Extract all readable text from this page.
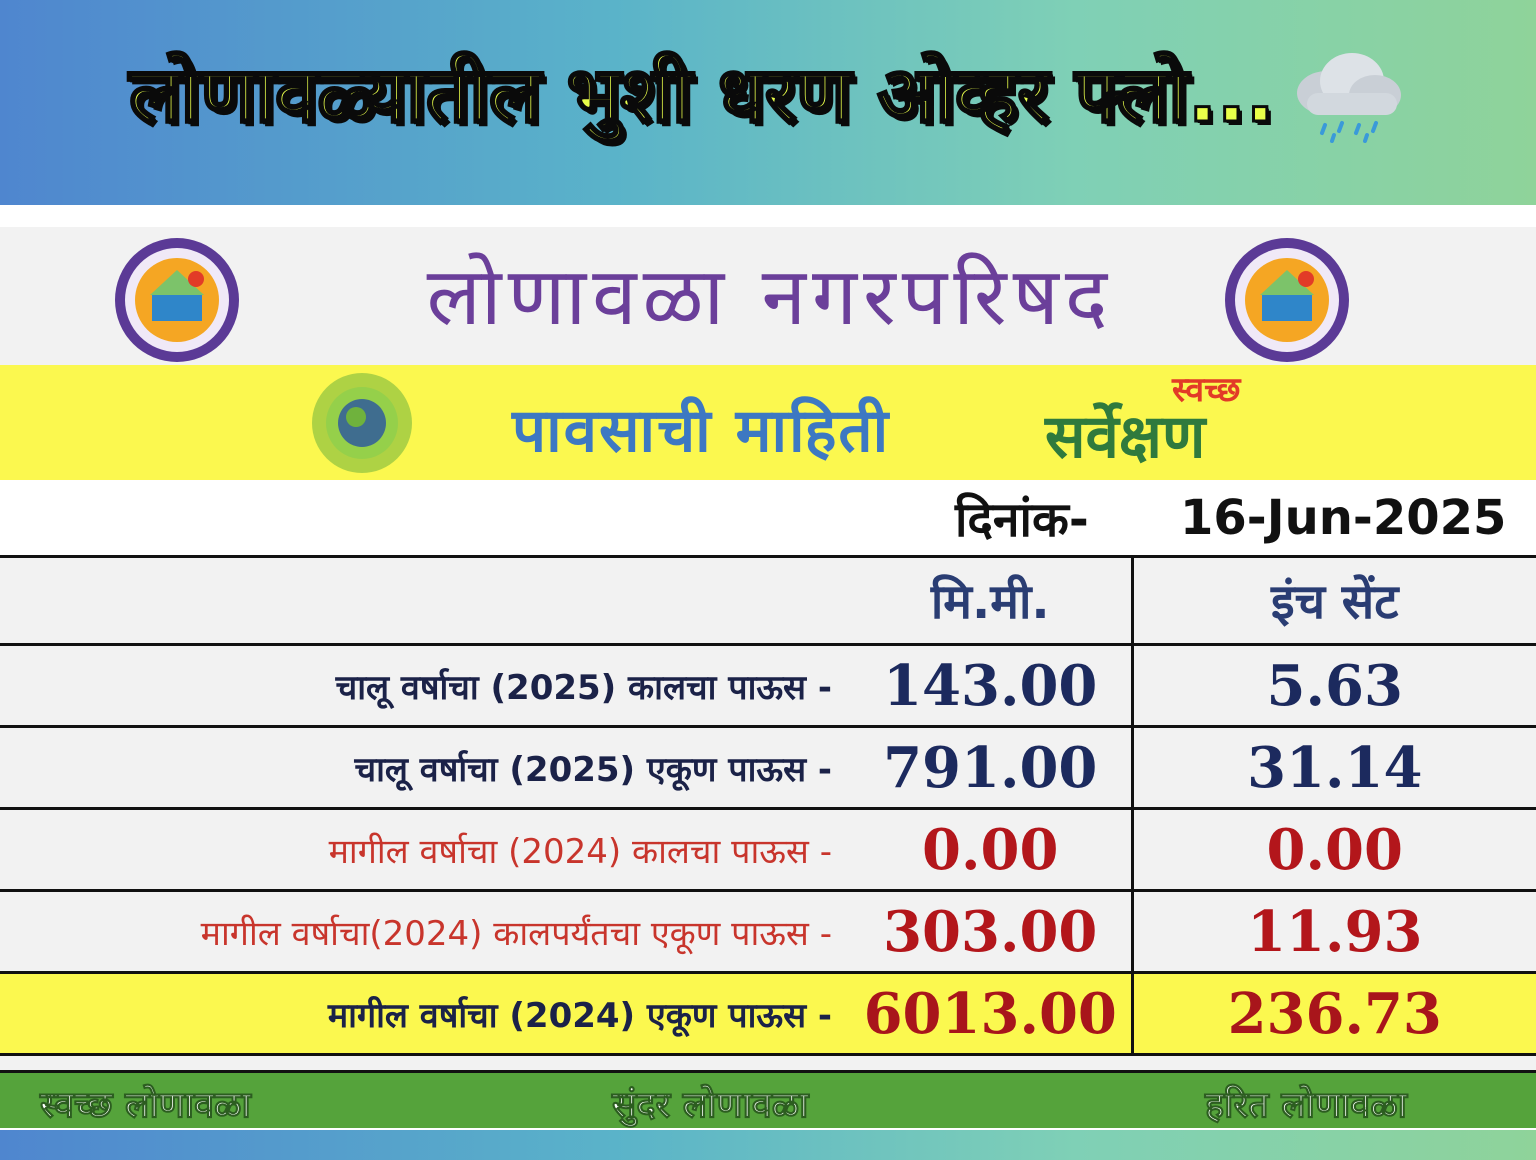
लोणावळ्यातील भुशी धरण ओव्हर फ्लो...
लोणावळा नगरपरिषद
पावसाची माहिती
स्वच्छ
सर्वेक्षण
दिनांक- 16-Jun-2025
	मि.मी.	इंच सेंट
चालू वर्षाचा (2025) कालचा पाऊस -	143.00	5.63
चालू वर्षाचा (2025) एकूण पाऊस -	791.00	31.14
मागील वर्षाचा (2024) कालचा पाऊस -	0.00	0.00
मागील वर्षाचा(2024) कालपर्यंतचा एकूण पाऊस -	303.00	11.93
मागील वर्षाचा (2024) एकूण पाऊस -	6013.00	236.73
स्वच्छ लोणावळा	सुंदर लोणावळा	हरित लोणावळा
